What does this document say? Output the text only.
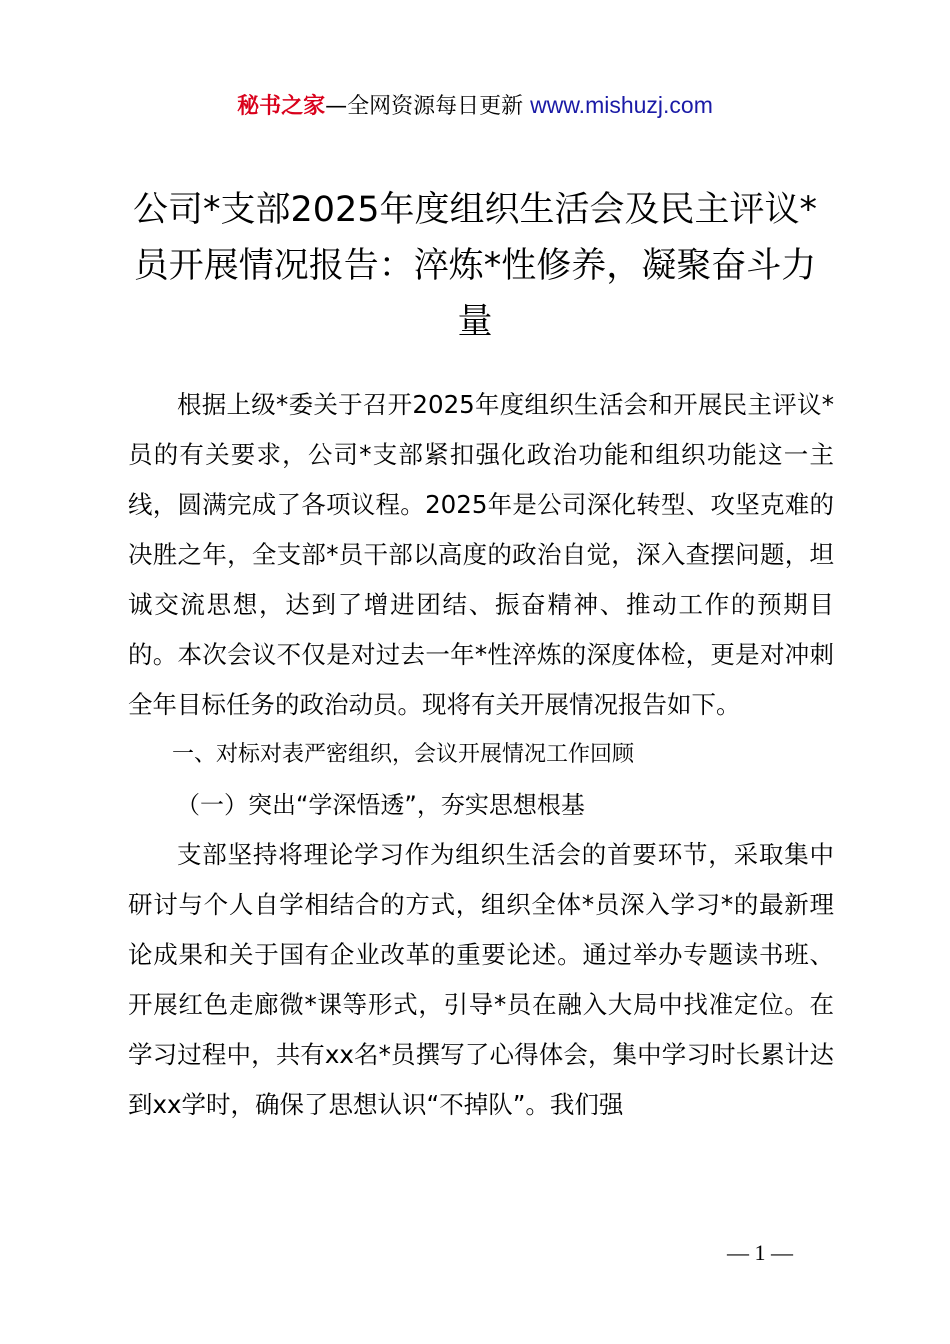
秘书之家—全网资源每日更新 www.mishuzj.com
公司*支部2025年度组织生活会及民主评议*员开展情况报告：淬炼*性修养，凝聚奋斗力量

根据上级*委关于召开2025年度组织生活会和开展民主评议*员的有关要求，公司*支部紧扣强化政治功能和组织功能这一主线，圆满完成了各项议程。2025年是公司深化转型、攻坚克难的决胜之年，全支部*员干部以高度的政治自觉，深入查摆问题，坦诚交流思想，达到了增进团结、振奋精神、推动工作的预期目的。本次会议不仅是对过去一年*性淬炼的深度体检，更是对冲刺全年目标任务的政治动员。现将有关开展情况报告如下。

一、对标对表严密组织，会议开展情况工作回顾

（一）突出“学深悟透”，夯实思想根基

支部坚持将理论学习作为组织生活会的首要环节，采取集中研讨与个人自学相结合的方式，组织全体*员深入学习*的最新理论成果和关于国有企业改革的重要论述。通过举办专题读书班、开展红色走廊微*课等形式，引导*员在融入大局中找准定位。在学习过程中，共有xx名*员撰写了心得体会，集中学习时长累计达到xx学时，确保了思想认识“不掉队”。我们强

— 1 —
